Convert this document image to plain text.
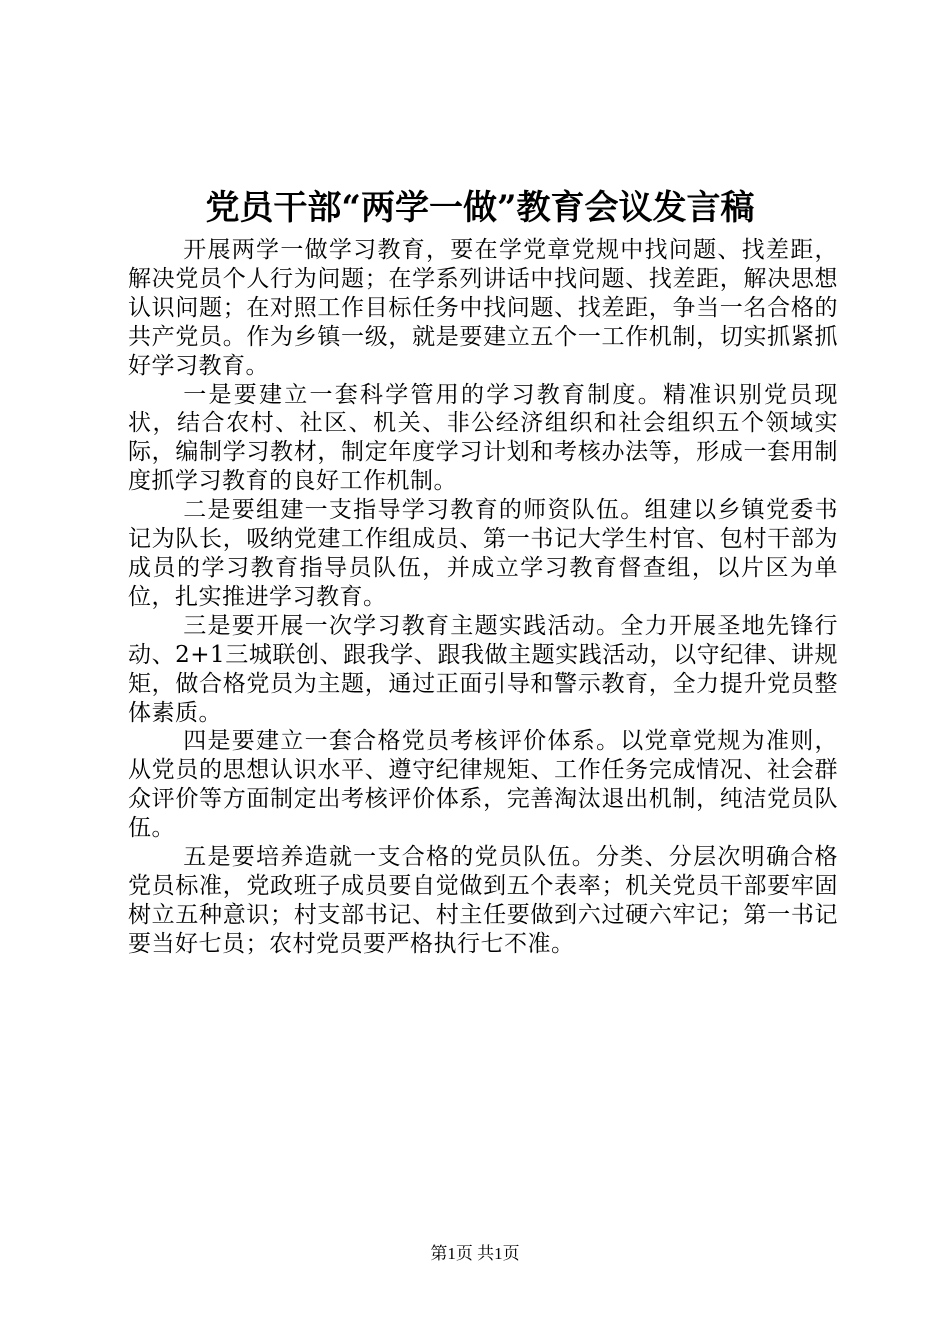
党员干部“两学一做”教育会议发言稿

开展两学一做学习教育，要在学党章党规中找问题、找差距，解决党员个人行为问题；在学系列讲话中找问题、找差距，解决思想认识问题；在对照工作目标任务中找问题、找差距，争当一名合格的共产党员。作为乡镇一级，就是要建立五个一工作机制，切实抓紧抓好学习教育。

一是要建立一套科学管用的学习教育制度。精准识别党员现状，结合农村、社区、机关、非公经济组织和社会组织五个领域实际，编制学习教材，制定年度学习计划和考核办法等，形成一套用制度抓学习教育的良好工作机制。

二是要组建一支指导学习教育的师资队伍。组建以乡镇党委书记为队长，吸纳党建工作组成员、第一书记大学生村官、包村干部为成员的学习教育指导员队伍，并成立学习教育督查组，以片区为单位，扎实推进学习教育。

三是要开展一次学习教育主题实践活动。全力开展圣地先锋行动、2+1三城联创、跟我学、跟我做主题实践活动，以守纪律、讲规矩，做合格党员为主题，通过正面引导和警示教育，全力提升党员整体素质。

四是要建立一套合格党员考核评价体系。以党章党规为准则，从党员的思想认识水平、遵守纪律规矩、工作任务完成情况、社会群众评价等方面制定出考核评价体系，完善淘汰退出机制，纯洁党员队伍。

五是要培养造就一支合格的党员队伍。分类、分层次明确合格党员标准，党政班子成员要自觉做到五个表率；机关党员干部要牢固树立五种意识；村支部书记、村主任要做到六过硬六牢记；第一书记要当好七员；农村党员要严格执行七不准。

第1页 共1页
